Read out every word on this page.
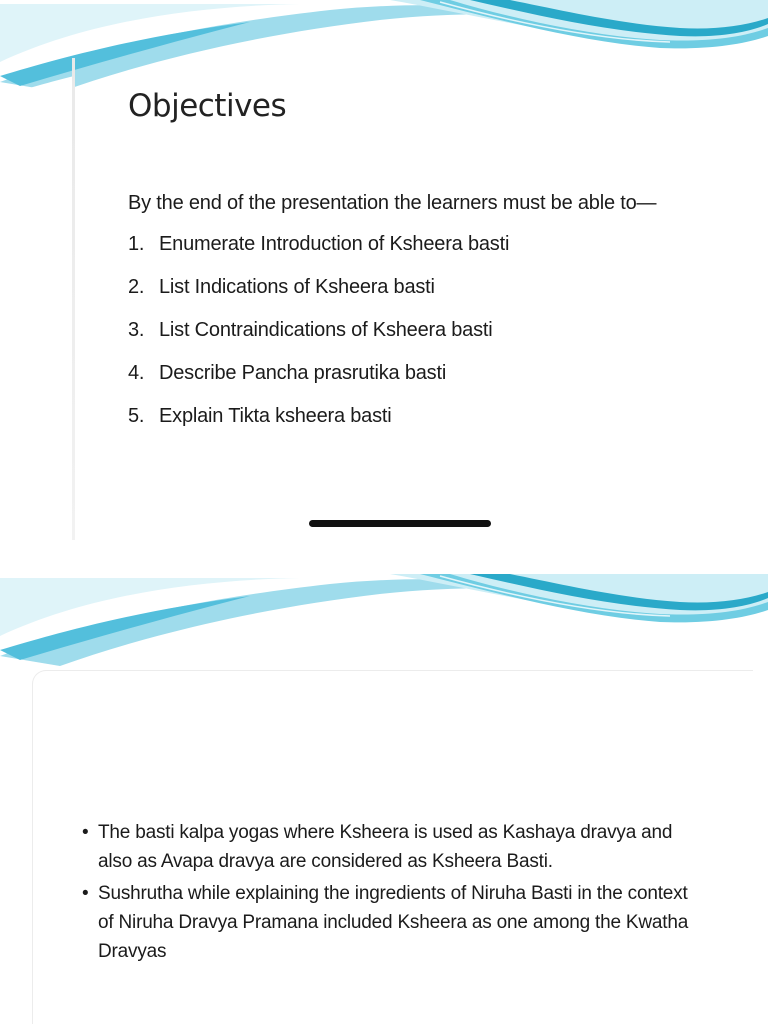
Objectives
By the end of the presentation the learners must be able to—
1. Enumerate Introduction of Ksheera basti
2. List Indications of Ksheera basti
3. List Contraindications of Ksheera basti
4. Describe Pancha prasrutika basti
5. Explain Tikta ksheera basti
• The basti kalpa yogas where Ksheera is used as Kashaya dravya and also as Avapa dravya are considered as Ksheera Basti.
• Sushrutha while explaining the ingredients of Niruha Basti in the context of Niruha Dravya Pramana included Ksheera as one among the Kwatha Dravyas
